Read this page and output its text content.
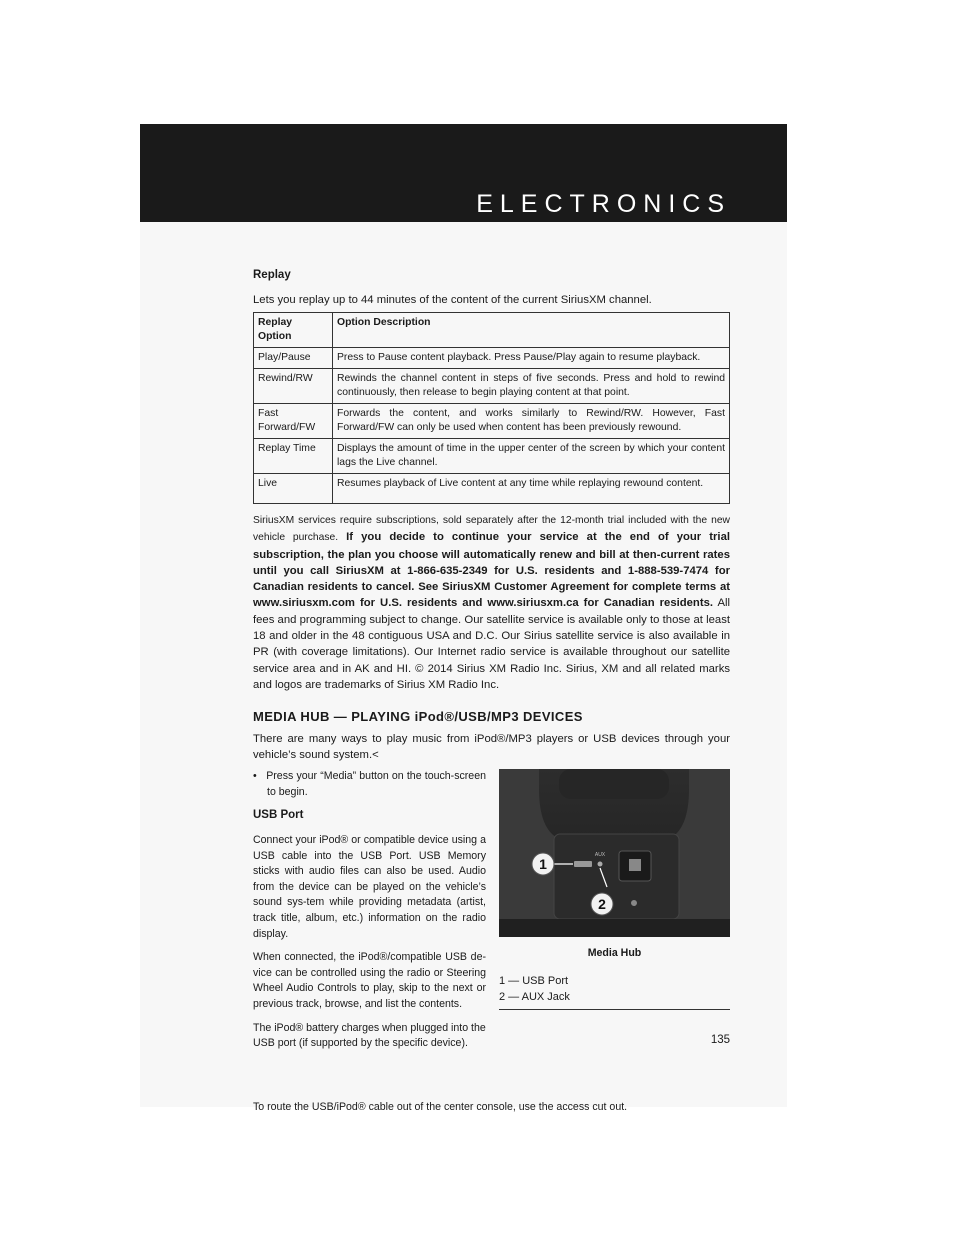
ELECTRONICS
Replay

Lets you replay up to 44 minutes of the content of the current SiriusXM channel.

Replay Option	Option Description
Play/Pause	Press to Pause content playback. Press Pause/Play again to resume playback.
Rewind/RW	Rewinds the channel content in steps of five seconds. Press and hold to rewind continuously, then release to begin playing content at that point.
Fast Forward/FW	Forwards the content, and works similarly to Rewind/RW. However, Fast Forward/FW can only be used when content has been previously rewound.
Replay Time	Displays the amount of time in the upper center of the screen by which your content lags the Live channel.
Live	Resumes playback of Live content at any time while replaying rewound content.

SiriusXM services require subscriptions, sold separately after the 12-month trial included with the new vehicle purchase. If you decide to continue your service at the end of your trial subscription, the plan you choose will automatically renew and bill at then-current rates until you call SiriusXM at 1-866-635-2349 for U.S. residents and 1-888-539-7474 for Canadian residents to cancel. See SiriusXM Customer Agreement for complete terms at www.siriusxm.com for U.S. residents and www.siriusxm.ca for Canadian residents. All fees and programming subject to change. Our satellite service is available only to those at least 18 and older in the 48 contiguous USA and D.C. Our Sirius satellite service is also available in PR (with coverage limitations). Our Internet radio service is available throughout our satellite service area and in AK and HI. © 2014 Sirius XM Radio Inc. Sirius, XM and all related marks and logos are trademarks of Sirius XM Radio Inc.

MEDIA HUB — PLAYING iPod®/USB/MP3 DEVICES

There are many ways to play music from iPod®/MP3 players or USB devices through your vehicle’s sound system.<

•   Press your “Media” button on the touch-screen to begin.
USB Port

Connect your iPod® or compatible device using a USB cable into the USB Port. USB Memory sticks with audio files can also be used. Audio from the device can be played on the vehicle’s sound sys-tem while providing metadata (artist, track title, album, etc.) information on the radio display.

When connected, the iPod®/compatible USB de-vice can be controlled using the radio or Steering Wheel Audio Controls to play, skip to the next or previous track, browse, and list the contents.

The iPod® battery charges when plugged into the USB port (if supported by the specific device).

1
2
AUX
Media Hub
1 — USB Port
2 — AUX Jack

To route the USB/iPod® cable out of the center console, use the access cut out.

135
